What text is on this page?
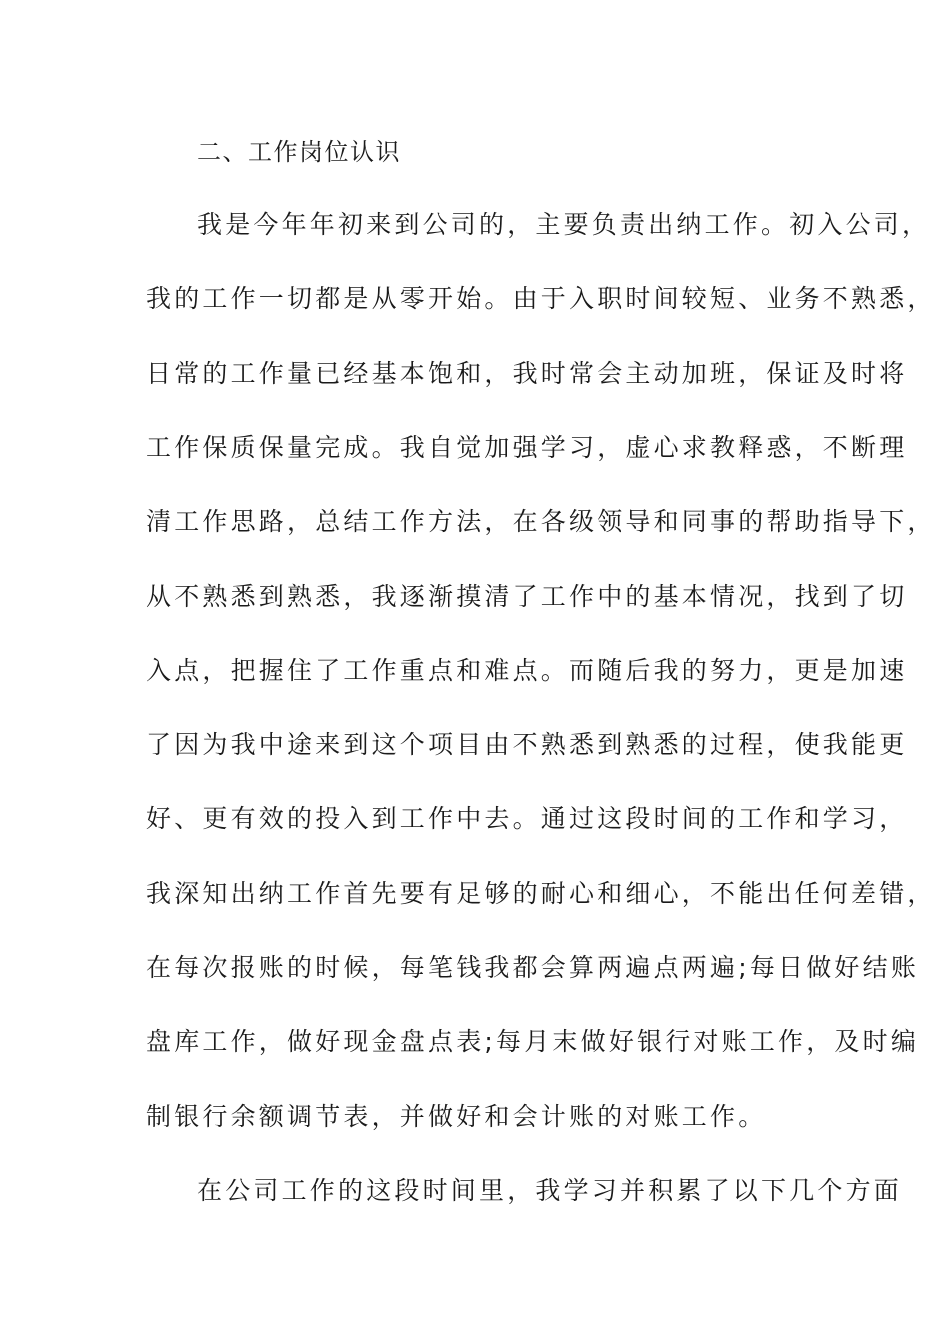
二、工作岗位认识
我是今年年初来到公司的，主要负责出纳工作。初入公司，
我的工作一切都是从零开始。由于入职时间较短、业务不熟悉，
日常的工作量已经基本饱和，我时常会主动加班，保证及时将
工作保质保量完成。我自觉加强学习，虚心求教释惑，不断理
清工作思路，总结工作方法，在各级领导和同事的帮助指导下，
从不熟悉到熟悉，我逐渐摸清了工作中的基本情况，找到了切
入点，把握住了工作重点和难点。而随后我的努力，更是加速
了因为我中途来到这个项目由不熟悉到熟悉的过程，使我能更
好、更有效的投入到工作中去。通过这段时间的工作和学习，
我深知出纳工作首先要有足够的耐心和细心，不能出任何差错，
在每次报账的时候，每笔钱我都会算两遍点两遍;每日做好结账
盘库工作，做好现金盘点表;每月末做好银行对账工作，及时编
制银行余额调节表，并做好和会计账的对账工作。
在公司工作的这段时间里，我学习并积累了以下几个方面
